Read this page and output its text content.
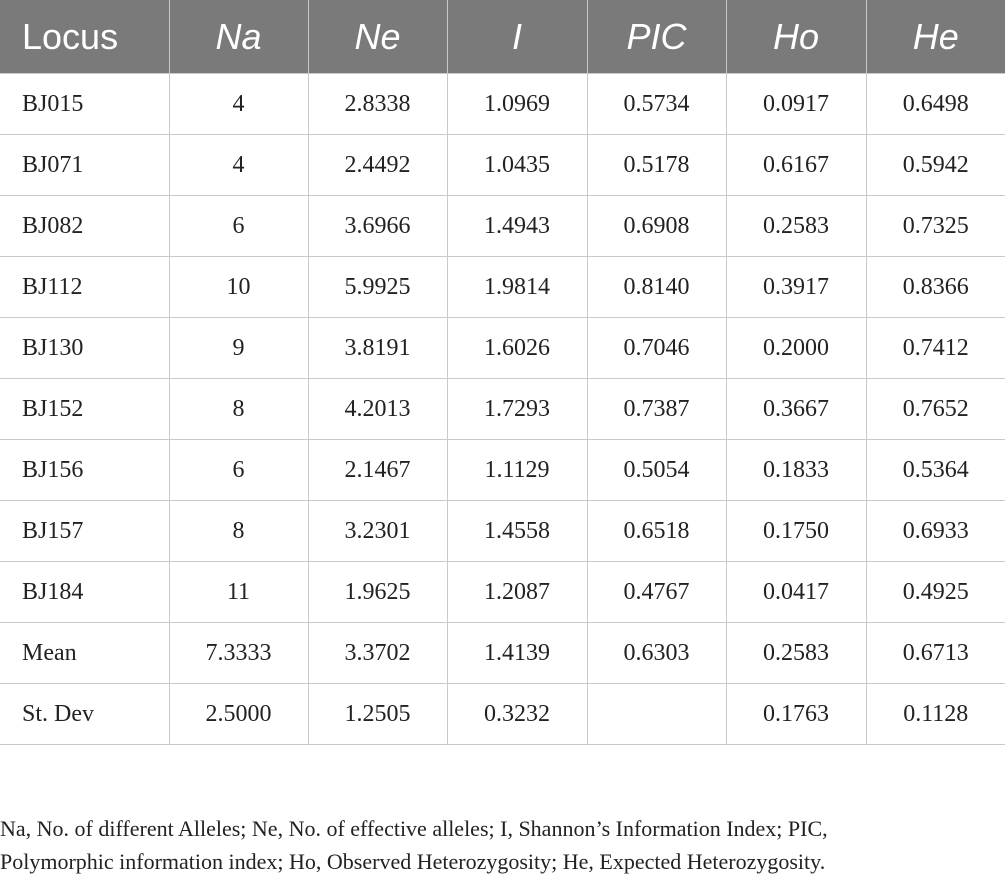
Locus	Na	Ne	I	PIC	Ho	He
BJ015	4	2.8338	1.0969	0.5734	0.0917	0.6498
BJ071	4	2.4492	1.0435	0.5178	0.6167	0.5942
BJ082	6	3.6966	1.4943	0.6908	0.2583	0.7325
BJ112	10	5.9925	1.9814	0.8140	0.3917	0.8366
BJ130	9	3.8191	1.6026	0.7046	0.2000	0.7412
BJ152	8	4.2013	1.7293	0.7387	0.3667	0.7652
BJ156	6	2.1467	1.1129	0.5054	0.1833	0.5364
BJ157	8	3.2301	1.4558	0.6518	0.1750	0.6933
BJ184	11	1.9625	1.2087	0.4767	0.0417	0.4925
Mean	7.3333	3.3702	1.4139	0.6303	0.2583	0.6713
St. Dev	2.5000	1.2505	0.3232		0.1763	0.1128

Na, No. of different Alleles; Ne, No. of effective alleles; I, Shannon’s Information Index; PIC,
Polymorphic information index; Ho, Observed Heterozygosity; He, Expected Heterozygosity.
